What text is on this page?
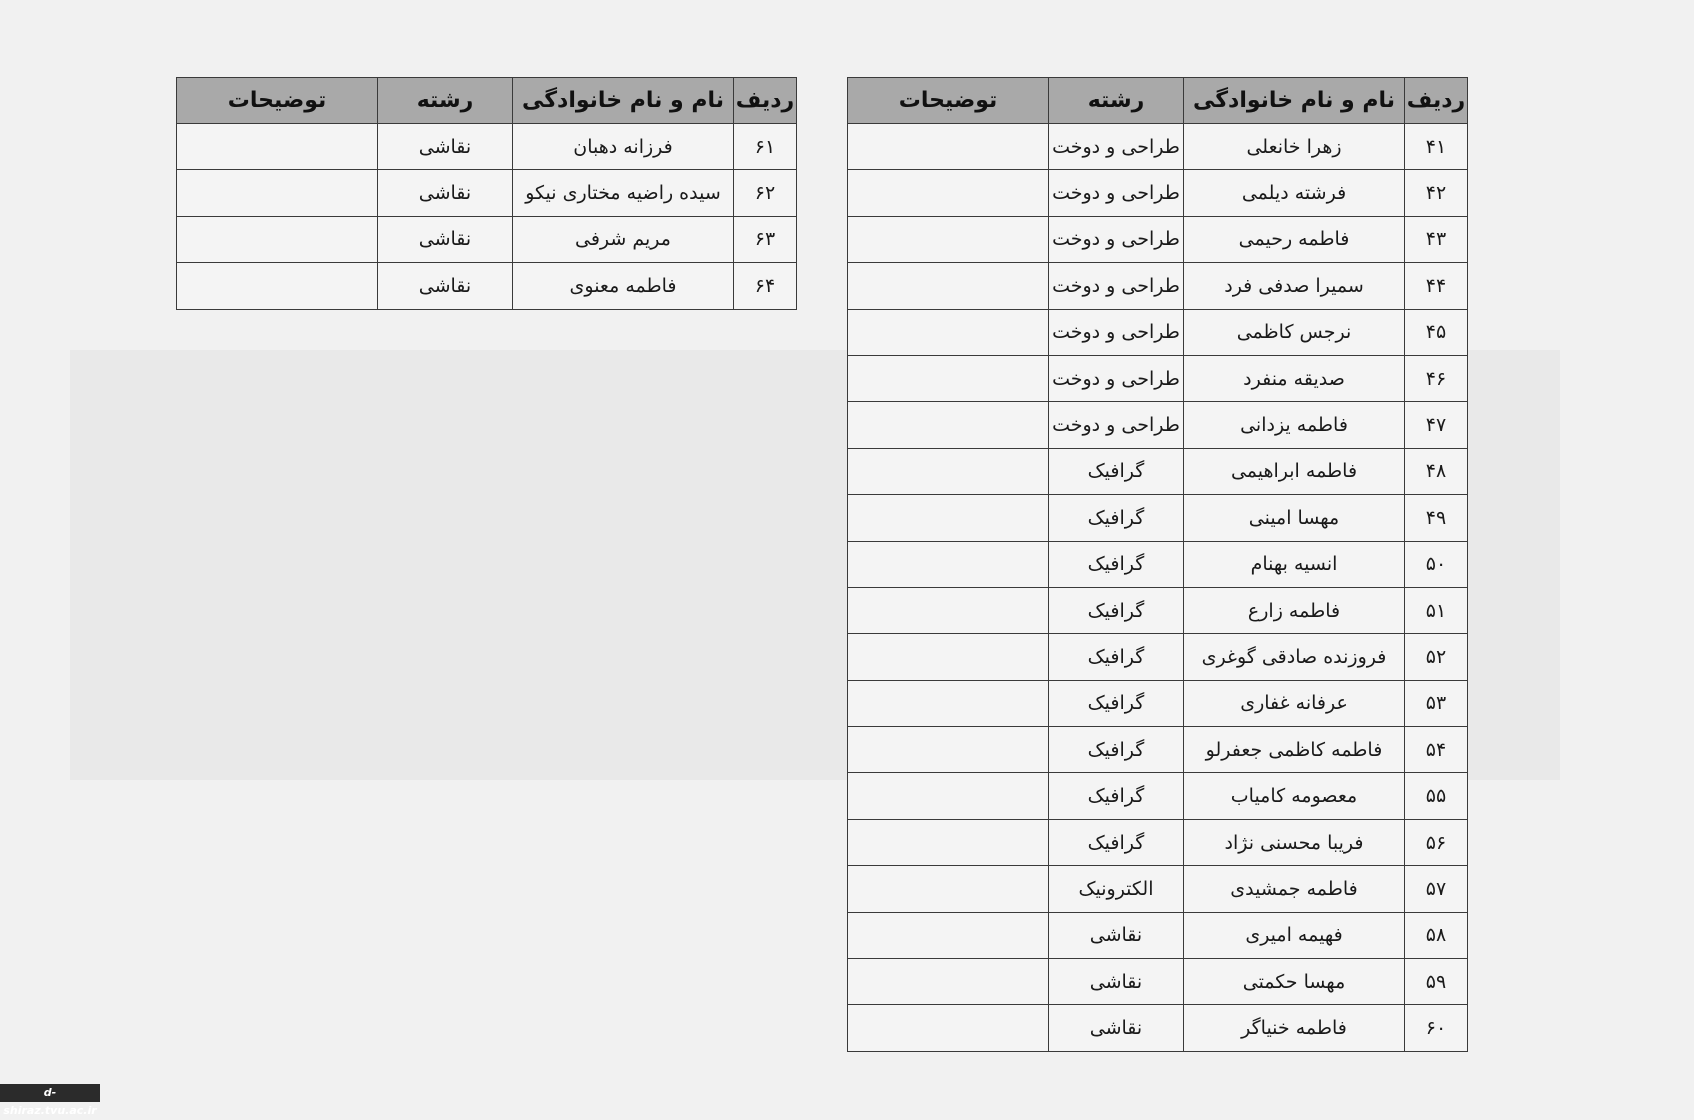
ردیف	نام و نام خانوادگی	رشته	توضیحات
۴۱	زهرا خانعلی	طراحی و دوخت	
۴۲	فرشته دیلمی	طراحی و دوخت	
۴۳	فاطمه رحیمی	طراحی و دوخت	
۴۴	سمیرا صدفی فرد	طراحی و دوخت	
۴۵	نرجس کاظمی	طراحی و دوخت	
۴۶	صدیقه منفرد	طراحی و دوخت	
۴۷	فاطمه یزدانی	طراحی و دوخت	
۴۸	فاطمه ابراهیمی	گرافیک	
۴۹	مهسا امینی	گرافیک	
۵۰	انسیه بهنام	گرافیک	
۵۱	فاطمه زارع	گرافیک	
۵۲	فروزنده صادقی گوغری	گرافیک	
۵۳	عرفانه غفاری	گرافیک	
۵۴	فاطمه کاظمی جعفرلو	گرافیک	
۵۵	معصومه کامیاب	گرافیک	
۵۶	فریبا محسنی نژاد	گرافیک	
۵۷	فاطمه جمشیدی	الکترونیک	
۵۸	فهیمه امیری	نقاشی	
۵۹	مهسا حکمتی	نقاشی	
۶۰	فاطمه خنیاگر	نقاشی	
ردیف	نام و نام خانوادگی	رشته	توضیحات
۶۱	فرزانه دهبان	نقاشی	
۶۲	سیده راضیه مختاری نیکو	نقاشی	
۶۳	مریم شرفی	نقاشی	
۶۴	فاطمه معنوی	نقاشی	
d-shiraz.tvu.ac.ir
